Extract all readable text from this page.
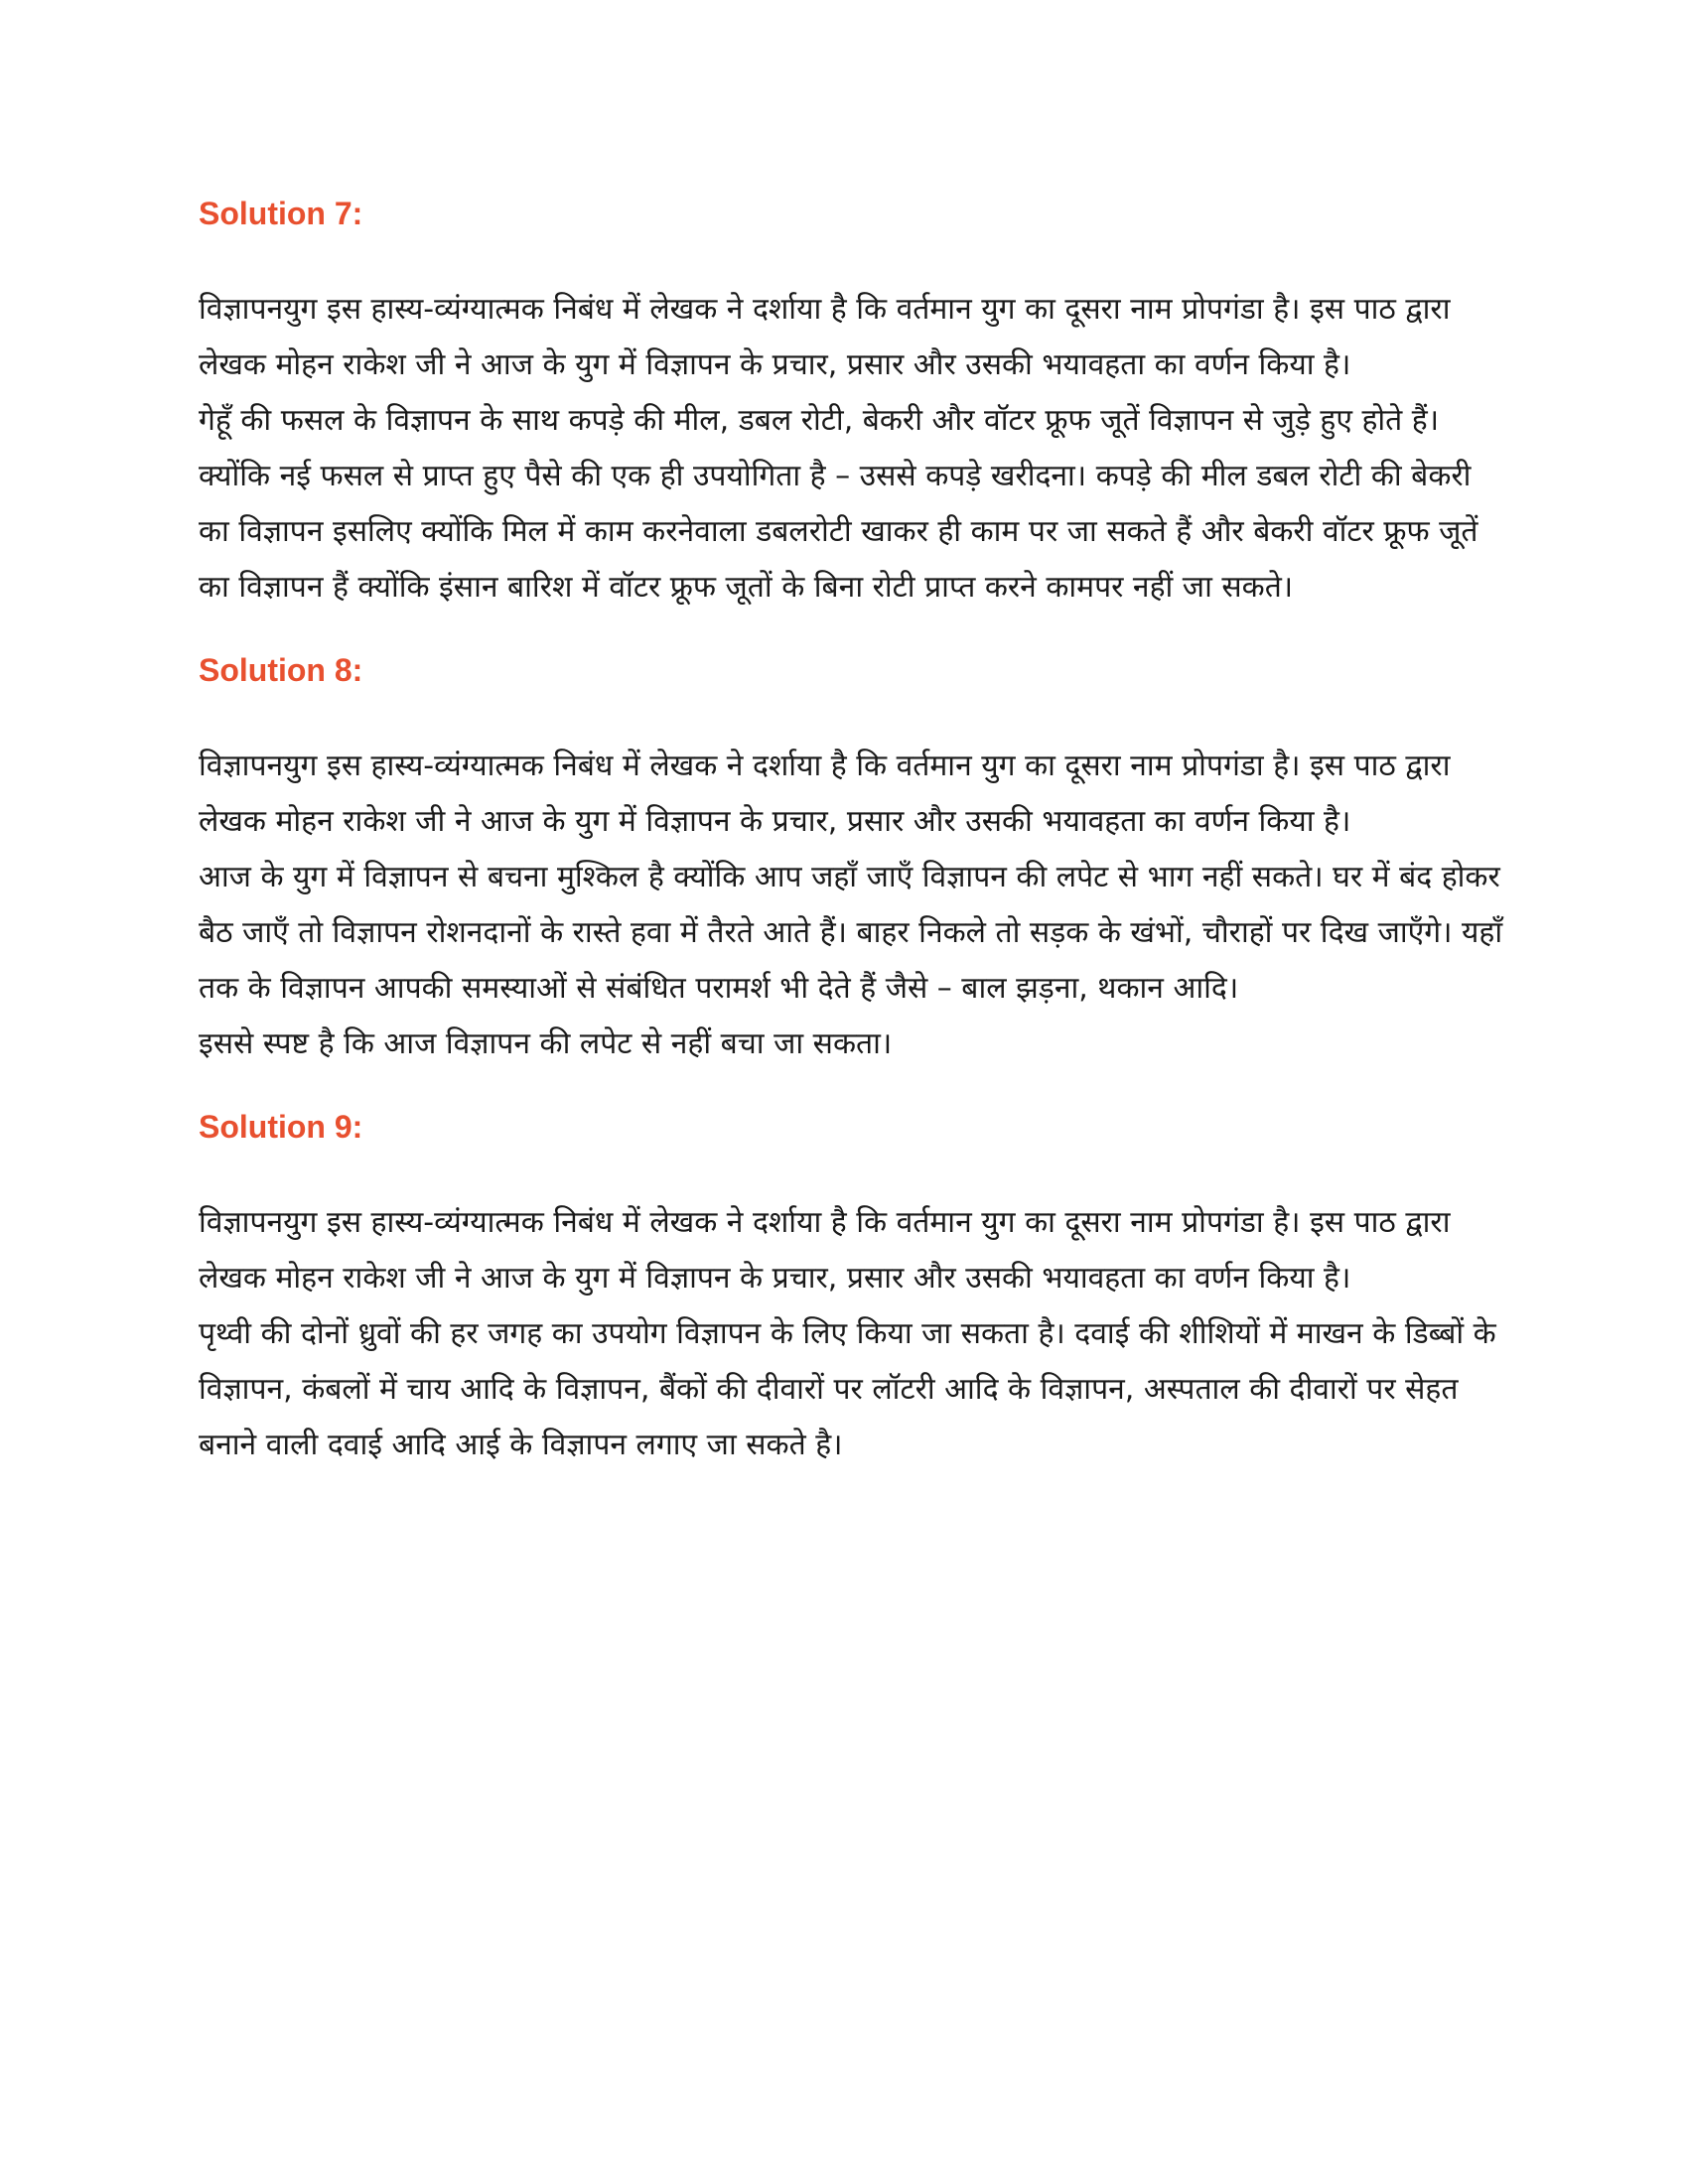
Solution 7:

विज्ञापनयुग इस हास्य-व्यंग्यात्मक निबंध में लेखक ने दर्शाया है कि वर्तमान युग का दूसरा नाम प्रोपगंडा है। इस पाठ द्वारा लेखक मोहन राकेश जी ने आज के युग में विज्ञापन के प्रचार, प्रसार और उसकी भयावहता का वर्णन किया है।

गेहूँ की फसल के विज्ञापन के साथ कपड़े की मील, डबल रोटी, बेकरी और वॉटर फ्रूफ जूतें विज्ञापन से जुड़े हुए होते हैं। क्योंकि नई फसल से प्राप्त हुए पैसे की एक ही उपयोगिता है – उससे कपड़े खरीदना। कपड़े की मील डबल रोटी की बेकरी का विज्ञापन इसलिए क्योंकि मिल में काम करनेवाला डबलरोटी खाकर ही काम पर जा सकते हैं और बेकरी वॉटर फ्रूफ जूतें का विज्ञापन हैं क्योंकि इंसान बारिश में वॉटर फ्रूफ जूतों के बिना रोटी प्राप्त करने कामपर नहीं जा सकते।

Solution 8:

विज्ञापनयुग इस हास्य-व्यंग्यात्मक निबंध में लेखक ने दर्शाया है कि वर्तमान युग का दूसरा नाम प्रोपगंडा है। इस पाठ द्वारा लेखक मोहन राकेश जी ने आज के युग में विज्ञापन के प्रचार, प्रसार और उसकी भयावहता का वर्णन किया है।

आज के युग में विज्ञापन से बचना मुश्किल है क्योंकि आप जहाँ जाएँ विज्ञापन की लपेट से भाग नहीं सकते। घर में बंद होकर बैठ जाएँ तो विज्ञापन रोशनदानों के रास्ते हवा में तैरते आते हैं। बाहर निकले तो सड़क के खंभों, चौराहों पर दिख जाएँगे। यहाँ तक के विज्ञापन आपकी समस्याओं से संबंधित परामर्श भी देते हैं जैसे – बाल झड़ना, थकान आदि।

इससे स्पष्ट है कि आज विज्ञापन की लपेट से नहीं बचा जा सकता।

Solution 9:

विज्ञापनयुग इस हास्य-व्यंग्यात्मक निबंध में लेखक ने दर्शाया है कि वर्तमान युग का दूसरा नाम प्रोपगंडा है। इस पाठ द्वारा लेखक मोहन राकेश जी ने आज के युग में विज्ञापन के प्रचार, प्रसार और उसकी भयावहता का वर्णन किया है।

पृथ्वी की दोनों ध्रुवों की हर जगह का उपयोग विज्ञापन के लिए किया जा सकता है। दवाई की शीशियों में माखन के डिब्बों के विज्ञापन, कंबलों में चाय आदि के विज्ञापन, बैंकों की दीवारों पर लॉटरी आदि के विज्ञापन, अस्पताल की दीवारों पर सेहत बनाने वाली दवाई आदि आई के विज्ञापन लगाए जा सकते है।
